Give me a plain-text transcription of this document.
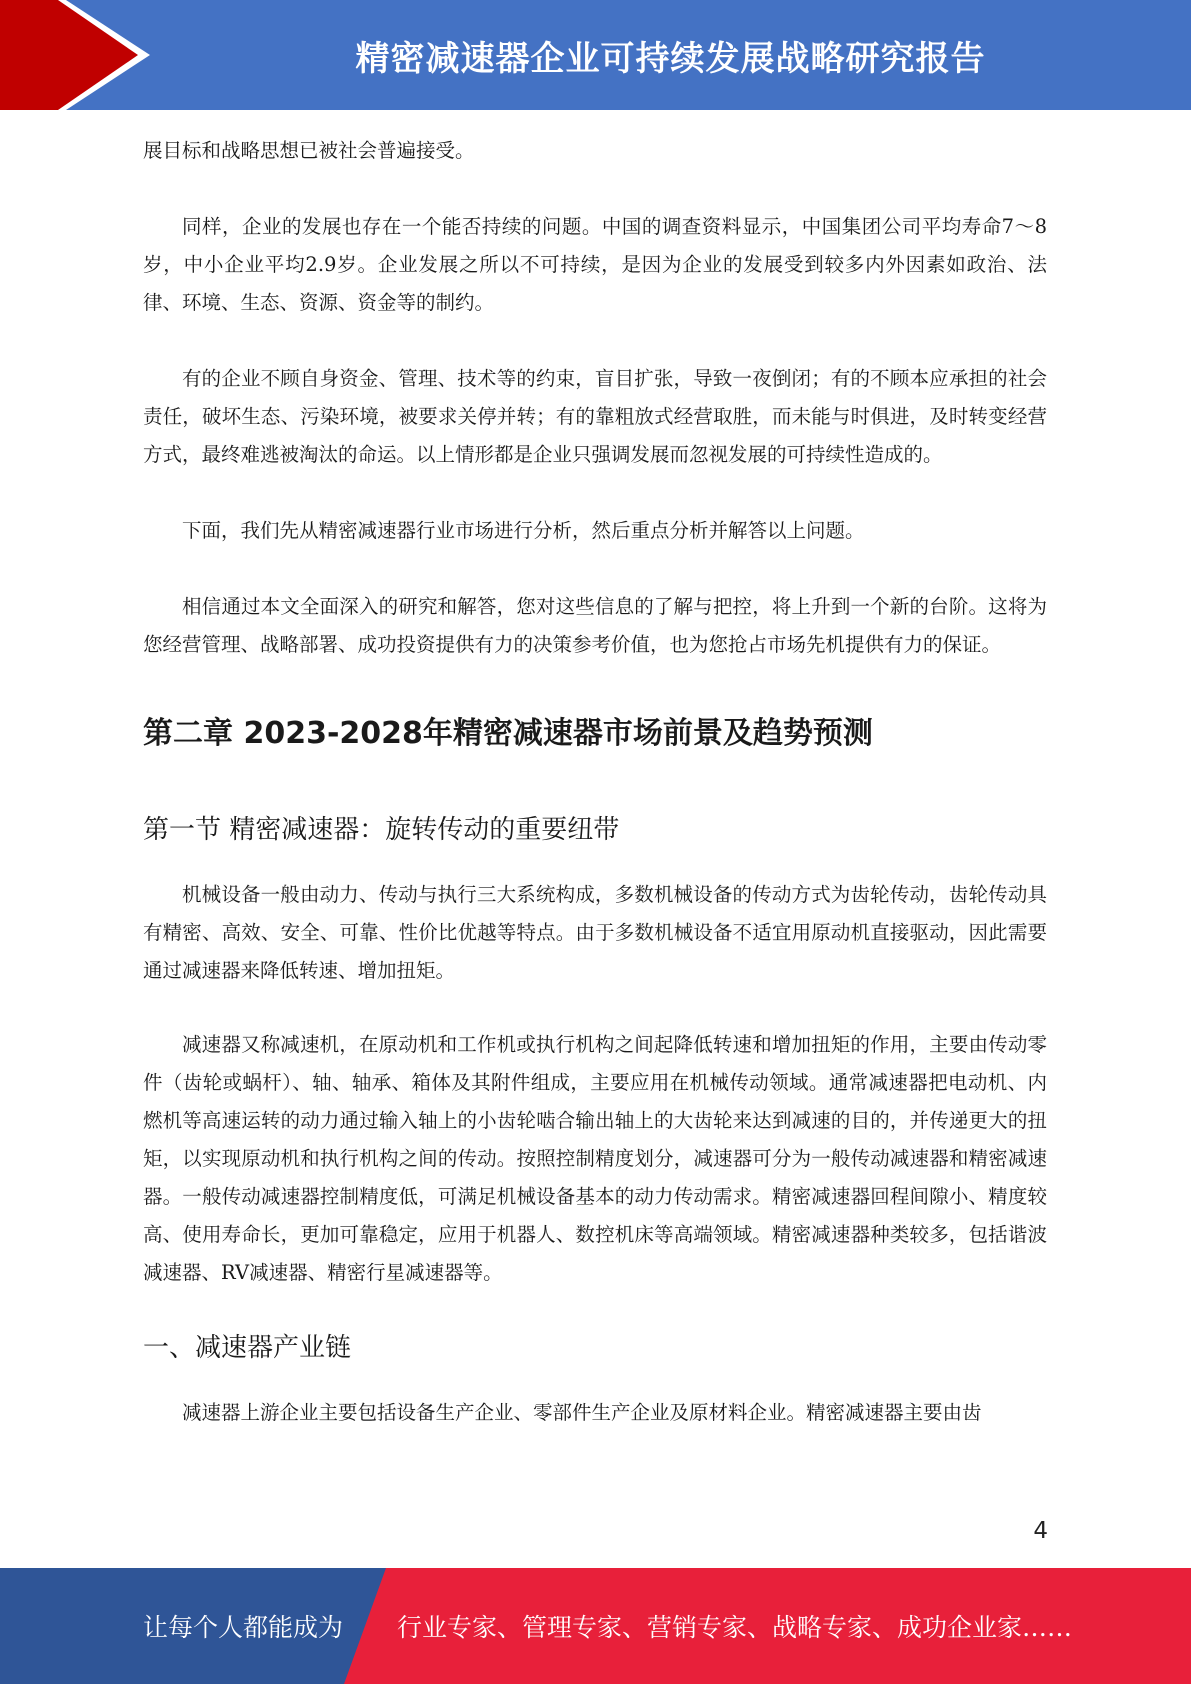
精密减速器企业可持续发展战略研究报告

展目标和战略思想已被社会普遍接受。

同样，企业的发展也存在一个能否持续的问题。中国的调查资料显示，中国集团公司平均寿命7～8岁，中小企业平均2.9岁。企业发展之所以不可持续，是因为企业的发展受到较多内外因素如政治、法律、环境、生态、资源、资金等的制约。

有的企业不顾自身资金、管理、技术等的约束，盲目扩张，导致一夜倒闭；有的不顾本应承担的社会责任，破坏生态、污染环境，被要求关停并转；有的靠粗放式经营取胜，而未能与时俱进，及时转变经营方式，最终难逃被淘汰的命运。以上情形都是企业只强调发展而忽视发展的可持续性造成的。

下面，我们先从精密减速器行业市场进行分析，然后重点分析并解答以上问题。

相信通过本文全面深入的研究和解答，您对这些信息的了解与把控，将上升到一个新的台阶。这将为您经营管理、战略部署、成功投资提供有力的决策参考价值，也为您抢占市场先机提供有力的保证。

第二章 2023-2028年精密减速器市场前景及趋势预测
第一节 精密减速器：旋转传动的重要纽带

机械设备一般由动力、传动与执行三大系统构成，多数机械设备的传动方式为齿轮传动，齿轮传动具有精密、高效、安全、可靠、性价比优越等特点。由于多数机械设备不适宜用原动机直接驱动，因此需要通过减速器来降低转速、增加扭矩。

减速器又称减速机，在原动机和工作机或执行机构之间起降低转速和增加扭矩的作用，主要由传动零件（齿轮或蜗杆）、轴、轴承、箱体及其附件组成，主要应用在机械传动领域。通常减速器把电动机、内燃机等高速运转的动力通过输入轴上的小齿轮啮合输出轴上的大齿轮来达到减速的目的，并传递更大的扭矩，以实现原动机和执行机构之间的传动。按照控制精度划分，减速器可分为一般传动减速器和精密减速器。一般传动减速器控制精度低，可满足机械设备基本的动力传动需求。精密减速器回程间隙小、精度较高、使用寿命长，更加可靠稳定，应用于机器人、数控机床等高端领域。精密减速器种类较多，包括谐波减速器、RV减速器、精密行星减速器等。

一、减速器产业链

减速器上游企业主要包括设备生产企业、零部件生产企业及原材料企业。精密减速器主要由齿

4
让每个人都能成为 行业专家、管理专家、营销专家、战略专家、成功企业家……
